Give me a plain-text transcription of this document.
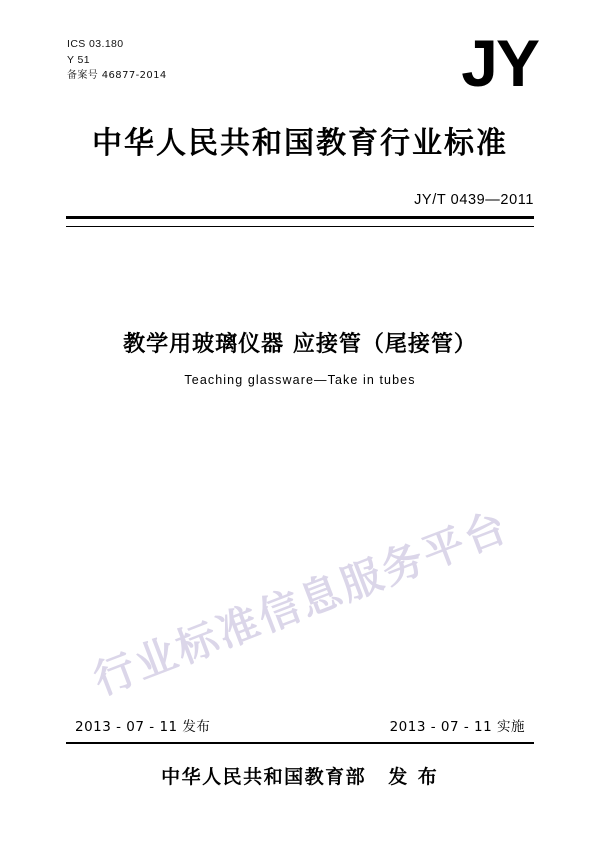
ICS 03.180
Y 51
备案号 46877-2014	JY
中华人民共和国教育行业标准
JY/T 0439—2011
教学用玻璃仪器 应接管（尾接管）
Teaching glassware—Take in tubes
行业标准信息服务平台
2013 - 07 - 11 发布	2013 - 07 - 11 实施
中华人民共和国教育部 发 布
